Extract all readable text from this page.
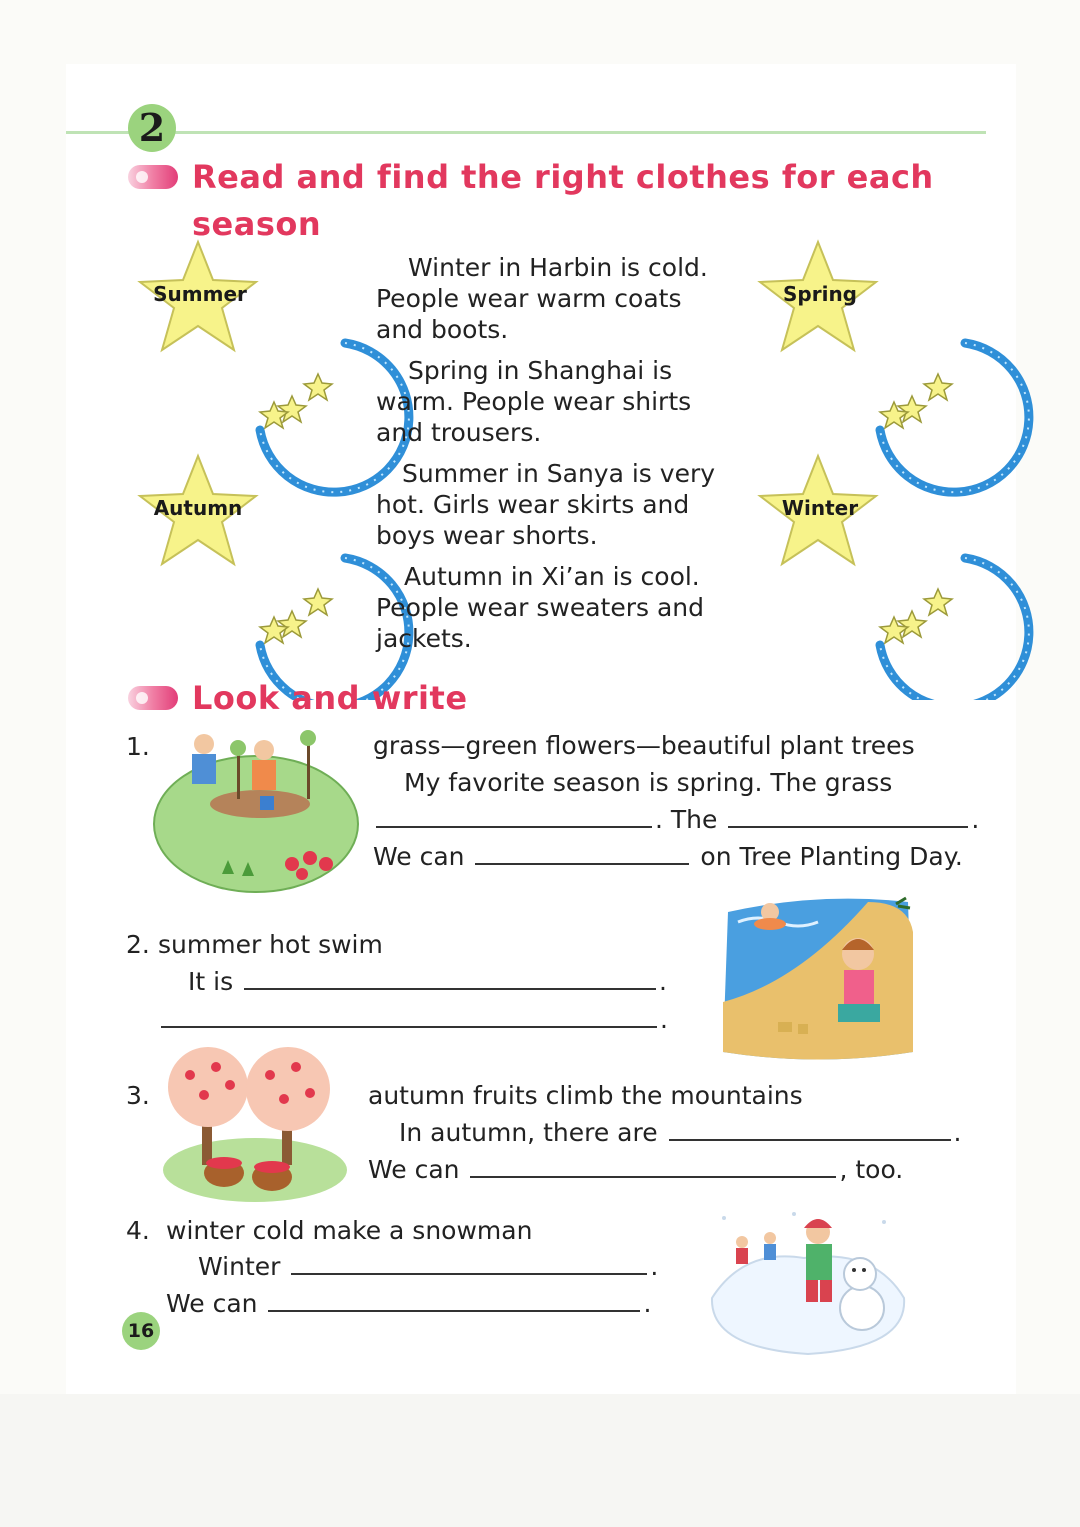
2
Read and find the right clothes for each
season
Summer	Spring
Autumn	Winter
Winter in Harbin is cold.
People wear warm coats
and boots.
Spring in Shanghai is
warm. People wear shirts
and trousers.
Summer in Sanya is very
hot. Girls wear skirts and
boys wear shorts.
Autumn in Xi’an is cool.
People wear sweaters and
jackets.
Look and write
1.	grass—green flowers—beautiful plant trees
My favorite season is spring. The grass
. The	.
We can	on Tree Planting Day.
2. summer hot swim
It is	.
.
3.	autumn fruits climb the mountains
In autumn, there are	.
We can	, too.
4. winter cold make a snowman
Winter	.
We can	.
16
